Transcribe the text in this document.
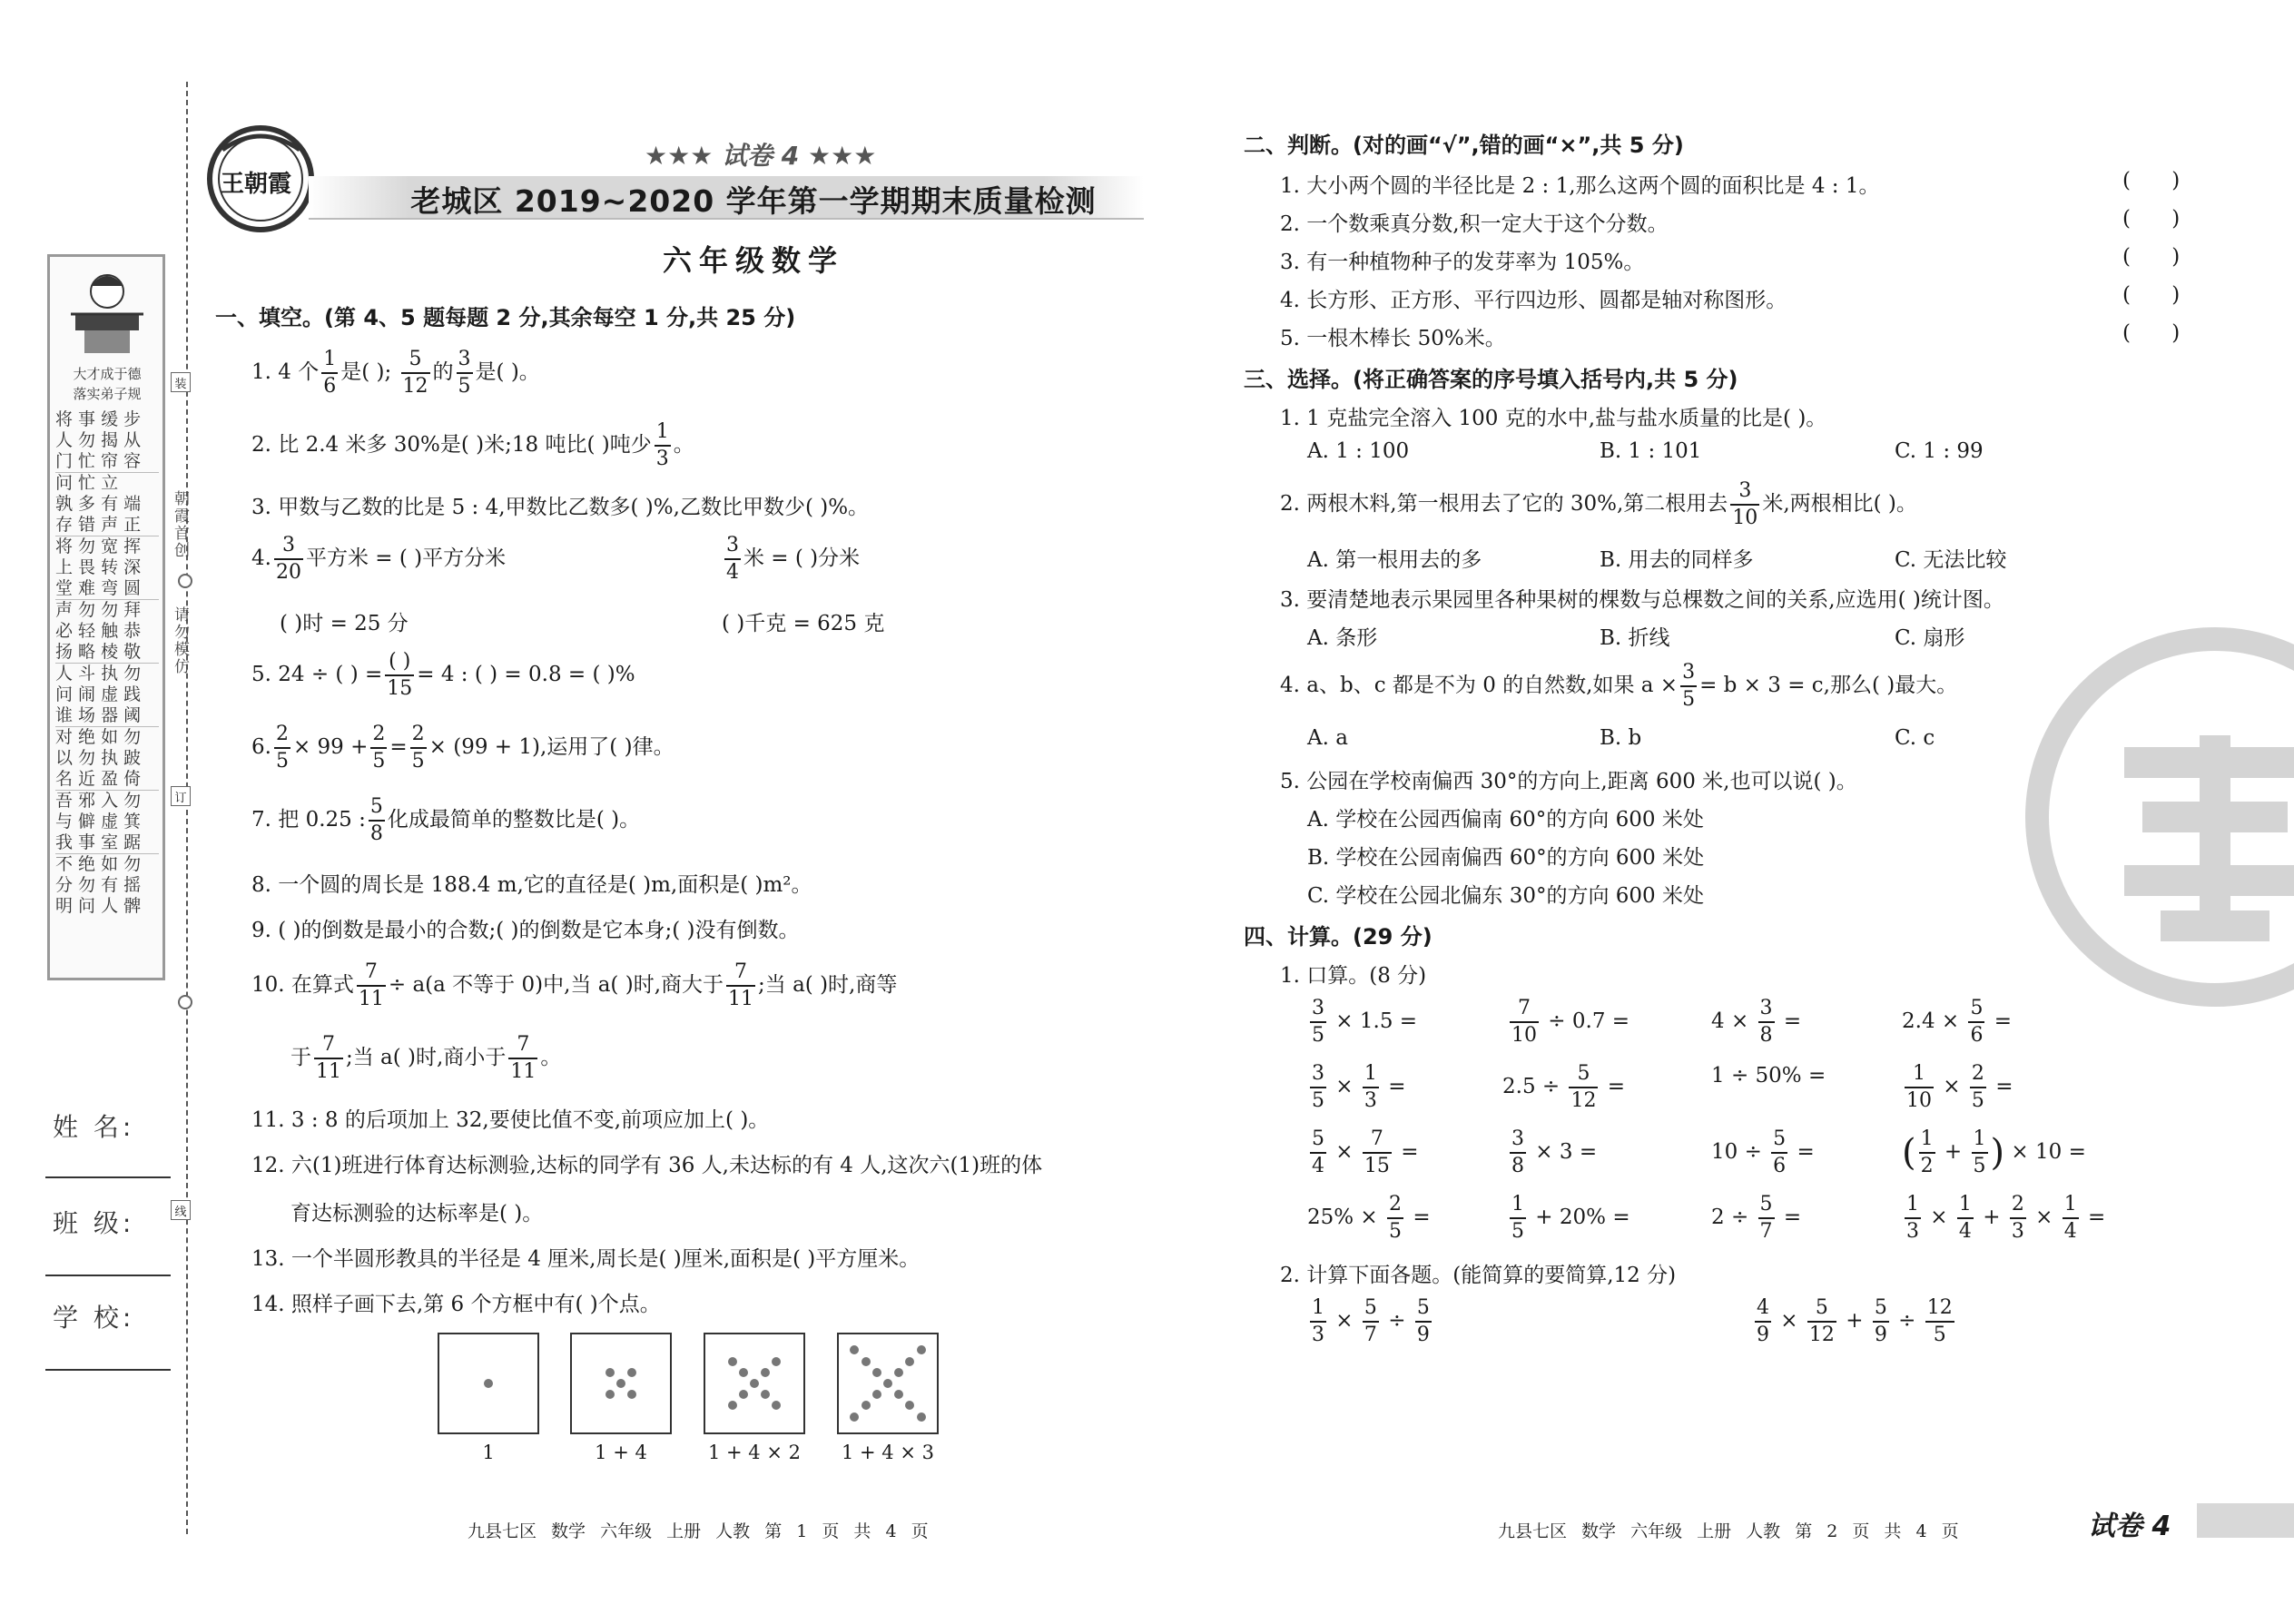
大才成于德
落实弟子规
将 事 缓 步
人 勿 揭 从
门 忙 帘 容
问 忙 立
孰 多 有 端
存 错 声 正
将 勿 宽 挥
上 畏 转 深
堂 难 弯 圆
声 勿 勿 拜
必 轻 触 恭
扬 略 棱 敬
人 斗 执 勿
问 闹 虚 践
谁 场 器 阈
对 绝 如 勿
以 勿 执 跛
名 近 盈 倚
吾 邪 入 勿
与 僻 虚 箕
我 事 室 踞
不 绝 如 勿
分 勿 有 摇
明 问 人 髀
装
朝霞首创
请勿模仿
订
线
姓 名:
班 级:
学 校:
王朝霞
★★★ 试卷 4 ★★★
老城区 2019~2020 学年第一学期期末质量检测
六年级数学
一、填空。(第 4、5 题每题 2 分,其余每空 1 分,共 25 分)
1. 4 个 $\frac{1}{6}$ 是( ); $\frac{5}{12}$ 的 $\frac{3}{5}$ 是( )。
2. 比 2.4 米多 30%是( )米;18 吨比( )吨少 $\frac{1}{3}$ 。
3. 甲数与乙数的比是 5 : 4,甲数比乙数多( )%,乙数比甲数少( )%。
4. $\frac{3}{20}$ 平方米 = ( )平方分米	$\frac{3}{4}$ 米 = ( )分米
( )时 = 25 分	( )千克 = 625 克
5. 24 ÷ ( ) = $\frac{( )}{15} = 4$ : ( ) = 0.8 = ( )%
6. $\frac{2}{5} \times 99 + \frac{2}{5} = \frac{2}{5} \times (99 + 1)$,运用了( )律。
7. 把 0.25 : $\frac{5}{8}$ 化成最简单的整数比是( )。
8. 一个圆的周长是 188.4 m,它的直径是( )m,面积是( )m²。
9. ( )的倒数是最小的合数;( )的倒数是它本身;( )没有倒数。
10. 在算式 $\frac{7}{11} \div a(a$ 不等于 0)中,当 a( )时,商大于 $\frac{7}{11}$ ;当 a( )时,商等
于 $\frac{7}{11}$ ;当 a( )时,商小于 $\frac{7}{11}$ 。
11. 3 : 8 的后项加上 32,要使比值不变,前项应加上( )。
12. 六(1)班进行体育达标测验,达标的同学有 36 人,未达标的有 4 人,这次六(1)班的体
育达标测验的达标率是( )。
13. 一个半圆形教具的半径是 4 厘米,周长是( )厘米,面积是( )平方厘米。
14. 照样子画下去,第 6 个方框中有( )个点。
1	1 + 4	1 + 4 × 2	1 + 4 × 3
九县七区 数学 六年级 上册 人教 第 1 页 共 4 页
二、判断。(对的画“√”,错的画“×”,共 5 分)
1. 大小两个圆的半径比是 2 : 1,那么这两个圆的面积比是 4 : 1。
2. 一个数乘真分数,积一定大于这个分数。
3. 有一种植物种子的发芽率为 105%。
4. 长方形、正方形、平行四边形、圆都是轴对称图形。
5. 一根木棒长 50%米。
( )
( )
( )
( )
( )
三、选择。(将正确答案的序号填入括号内,共 5 分)
1. 1 克盐完全溶入 100 克的水中,盐与盐水质量的比是( )。
A. 1 : 100	B. 1 : 101	C. 1 : 99
2. 两根木料,第一根用去了它的 30%,第二根用去 $\frac{3}{10}$ 米,两根相比( )。
A. 第一根用去的多	B. 用去的同样多	C. 无法比较
3. 要清楚地表示果园里各种果树的棵数与总棵数之间的关系,应选用( )统计图。
A. 条形	B. 折线	C. 扇形
4. a、b、c 都是不为 0 的自然数,如果 $a \times \frac{3}{5} = b \times 3 = c$,那么( )最大。
A. a	B. b	C. c
5. 公园在学校南偏西 30°的方向上,距离 600 米,也可以说( )。
A. 学校在公园西偏南 60°的方向 600 米处
B. 学校在公园南偏西 60°的方向 600 米处
C. 学校在公园北偏东 30°的方向 600 米处
四、计算。(29 分)
1. 口算。(8 分)
$\frac{3}{5} \times 1.5$ =	$\frac{7}{10} \div 0.7$ =	$4 \times \frac{3}{8}$ =	$2.4 \times \frac{5}{6}$ =
$\frac{3}{5} \times \frac{1}{3}$ =	$2.5 \div \frac{5}{12}$ =	1 ÷ 50% =	$\frac{1}{10} \times \frac{2}{5}$ =
$\frac{5}{4} \times \frac{7}{15}$ =	$\frac{3}{8} \times 3$ =	$10 \div \frac{5}{6}$ = ( $\frac{1}{2} + \frac{1}{5}$ ) × 10 =
$25\% \times \frac{2}{5}$ =	$\frac{1}{5} + 20\%$ =	$2 \div \frac{5}{7}$ =	$\frac{1}{3} \times \frac{1}{4} + \frac{2}{3} \times \frac{1}{4}$ =
2. 计算下面各题。(能简算的要简算,12 分)
$\frac{1}{3} \times \frac{5}{7} \div \frac{5}{9}$	$\frac{4}{9} \times \frac{5}{12} + \frac{5}{9} \div \frac{12}{5}$
九县七区 数学 六年级 上册 人教 第 2 页 共 4 页	试卷 4
